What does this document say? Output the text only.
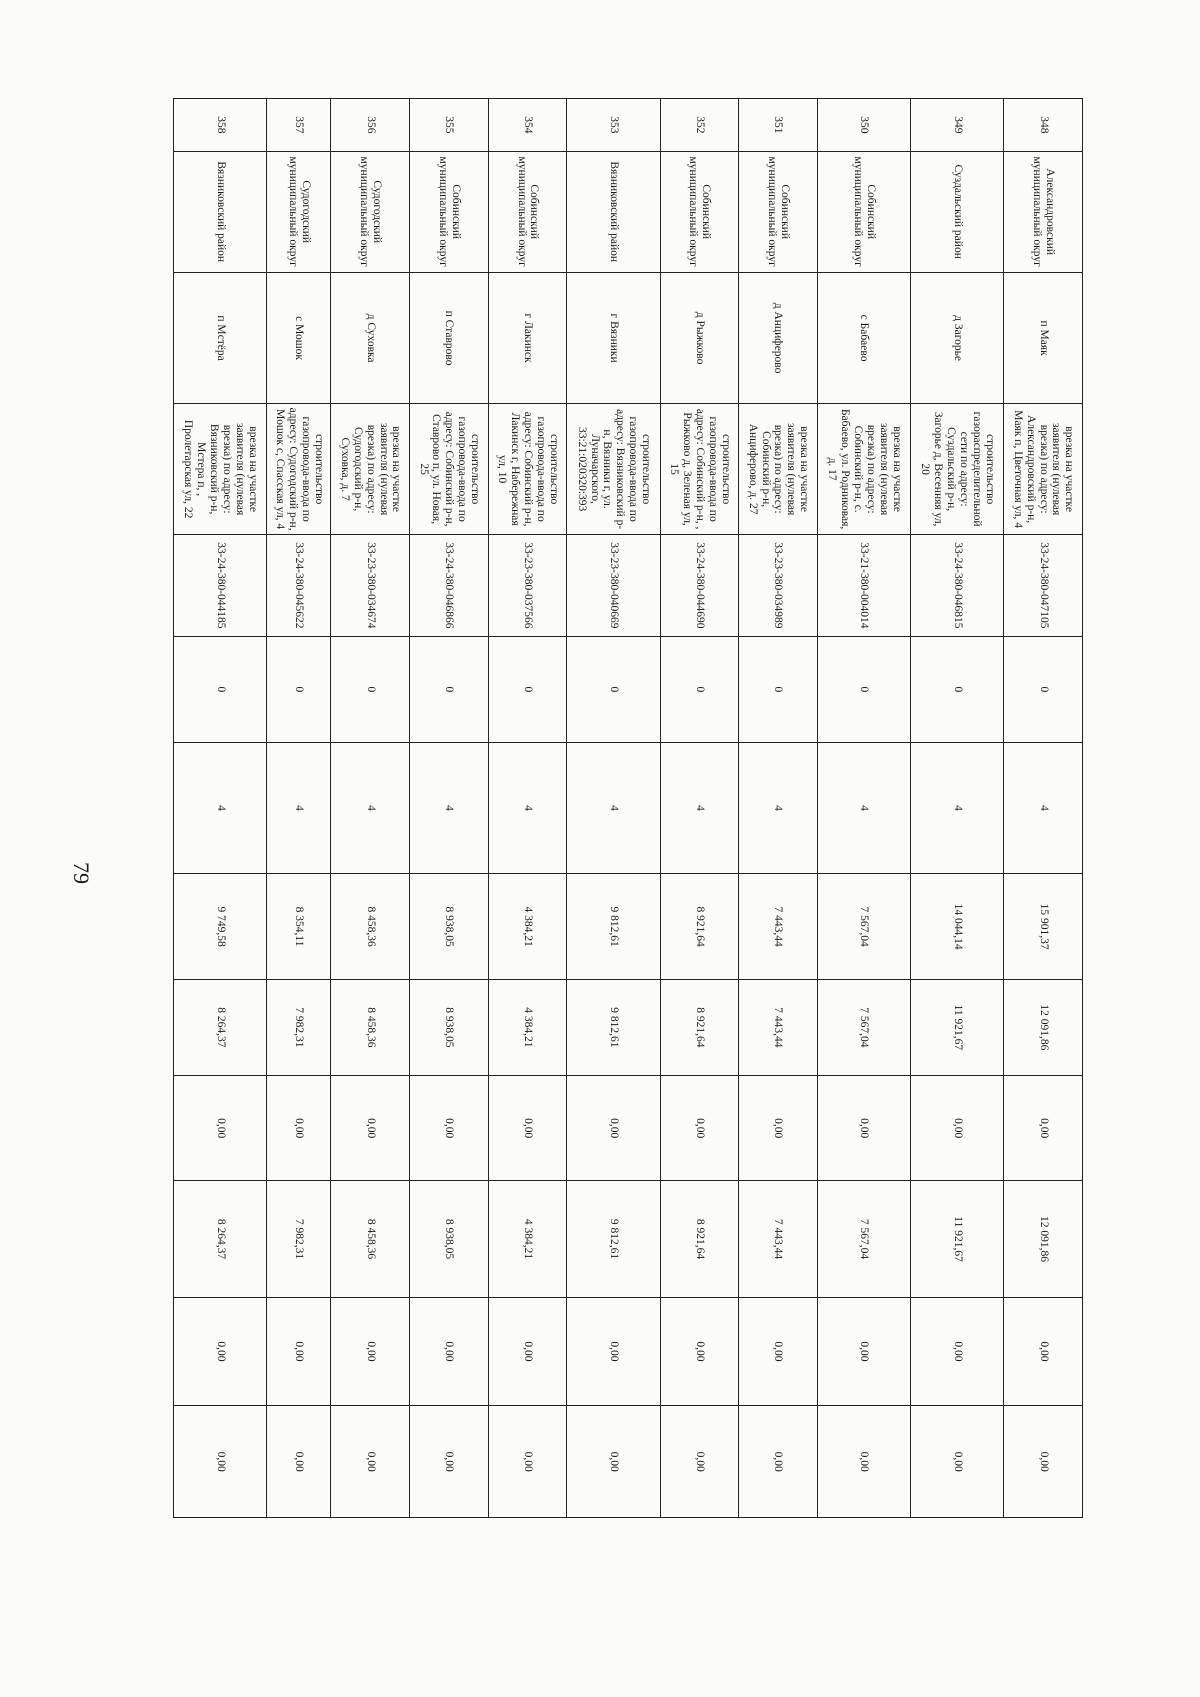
79
348	Александровский муниципальный округ	п Маяк	врезка на участке заявителя (нулевая врезка) по адресу: Александровский р-н, Маяк п, Цветочная ул, 4	33-24-380-047105	0	4	15 901,37	12 091,86	0,00	12 091,86	0,00	0,00
349	Суздальский район	д Загорье	строительство газораспределительной сети по адресу: Суздальский р-н, Загорье д, Весенняя ул, 20	33-24-380-046815	0	4	14 044,14	11 921,67	0,00	11 921,67	0,00	0,00
350	Собинский муниципальный округ	с Бабаево	врезка на участке заявителя (нулевая врезка) по адресу: Собинский р-н, с. Бабаево, ул. Родниковая, д. 17	33-21-380-004014	0	4	7 567,04	7 567,04	0,00	7 567,04	0,00	0,00
351	Собинский муниципальный округ	д Анциферово	врезка на участке заявителя (нулевая врезка) по адресу: Собинский р-н, Анциферово, д. 27	33-23-380-034989	0	4	7 443,44	7 443,44	0,00	7 443,44	0,00	0,00
352	Собинский муниципальный округ	д Рыжково	строительство газопровода-ввода по адресу: Собинский р-н, , Рыжково д, Зеленая ул, 15	33-24-380-044690	0	4	8 921,64	8 921,64	0,00	8 921,64	0,00	0,00
353	Вязниковский район	г Вязники	строительство газопровода-ввода по адресу: Вязниковский р-н, Вязники г, ул. Луначарского, 33:21:020320:393	33-23-380-040669	0	4	9 812,61	9 812,61	0,00	9 812,61	0,00	0,00
354	Собинский муниципальный округ	г Лакинск	строительство газопровода-ввода по адресу: Собинский р-н, Лакинск г, Набережная ул, 10	33-23-380-037566	0	4	4 384,21	4 384,21	0,00	4 384,21	0,00	0,00
355	Собинский муниципальный округ	п Ставрово	строительство газопровода-ввода по адресу: Собинский р-н, Ставрово п, ул. Новая, 25	33-24-380-046866	0	4	8 938,05	8 938,05	0,00	8 938,05	0,00	0,00
356	Судогодский муниципальный округ	д Суховка	врезка на участке заявителя (нулевая врезка) по адресу: Судогодский р-н, Суховка, д. 7	33-23-380-034674	0	4	8 458,36	8 458,36	0,00	8 458,36	0,00	0,00
357	Судогодский муниципальный округ	с Мошок	строительство газопровода-ввода по адресу: Судогодский р-н, Мошок с, Спасская ул, 4	33-24-380-045622	0	4	8 354,11	7 982,31	0,00	7 982,31	0,00	0,00
358	Вязниковский район	п Мстёра	врезка на участке заявителя (нулевая врезка) по адресу: Вязниковский р-н, Мстера п, , Пролетарская ул, 22	33-24-380-044185	0	4	9 749,58	8 264,37	0,00	8 264,37	0,00	0,00
